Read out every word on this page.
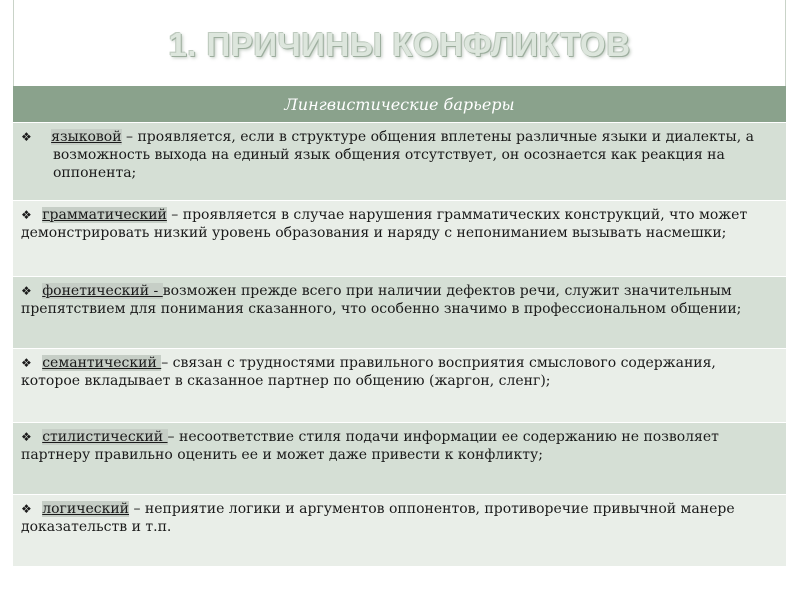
1. ПРИЧИНЫ КОНФЛИКТОВ
Лингвистические барьеры
❖ языковой – проявляется, если в структуре общения вплетены различные языки и диалекты, а возможность выхода на единый язык общения отсутствует, он осознается как реакция на оппонента;
❖ грамматический – проявляется в случае нарушения грамматических конструкций, что может демонстрировать низкий уровень образования и наряду с непониманием вызывать насмешки;
❖ фонетический - возможен прежде всего при наличии дефектов речи, служит значительным препятствием для понимания сказанного, что особенно значимо в профессиональном общении;
❖ семантический – связан с трудностями правильного восприятия смыслового содержания, которое вкладывает в сказанное партнер по общению (жаргон, сленг);
❖ стилистический – несоответствие стиля подачи информации ее содержанию не позволяет партнеру правильно оценить ее и может даже привести к конфликту;
❖ логический – неприятие логики и аргументов оппонентов, противоречие привычной манере доказательств и т.п.
